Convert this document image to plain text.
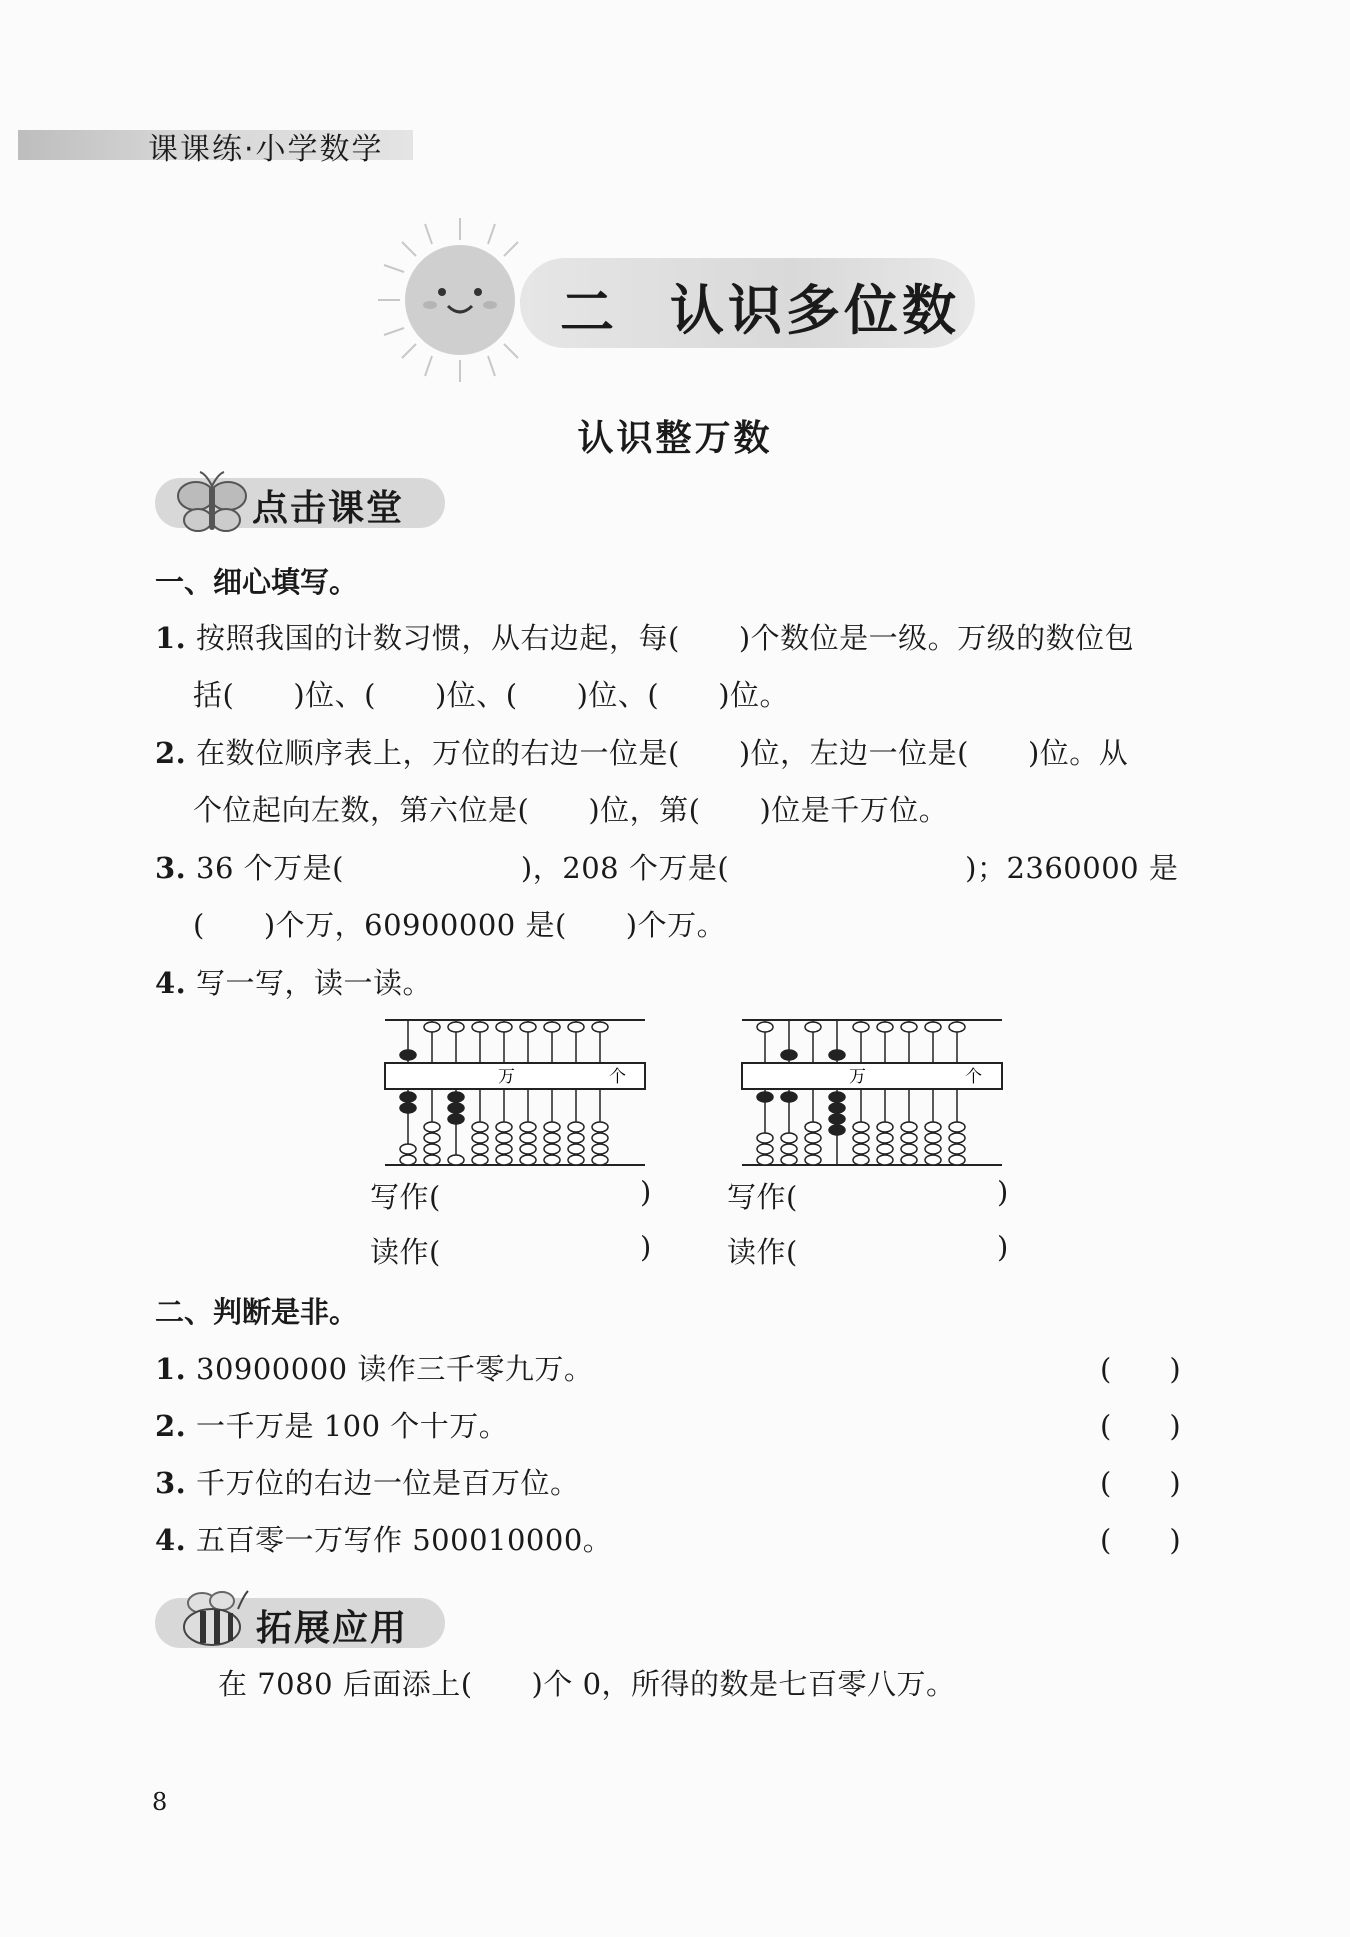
课课练·小学数学
二 认识多位数
认识整万数
点击课堂
一、细心填写。
1. 按照我国的计数习惯，从右边起，每(　　)个数位是一级。万级的数位包
括(　　)位、(　　)位、(　　)位、(　　)位。
2. 在数位顺序表上，万位的右边一位是(　　)位，左边一位是(　　)位。从
个位起向左数，第六位是(　　)位，第(　　)位是千万位。
3. 36 个万是(　　　　　　)，208 个万是(　　　　　　　　)；2360000 是
(　　)个万，60900000 是(　　)个万。
4. 写一写，读一读。
万	个	万	个
写作(	)
读作(	)
写作(	)
读作(	)
二、判断是非。
1. 30900000 读作三千零九万。	(　　)
2. 一千万是 100 个十万。	(　　)
3. 千万位的右边一位是百万位。	(　　)
4. 五百零一万写作 500010000。	(　　)
拓展应用
在 7080 后面添上(　　)个 0，所得的数是七百零八万。
8
